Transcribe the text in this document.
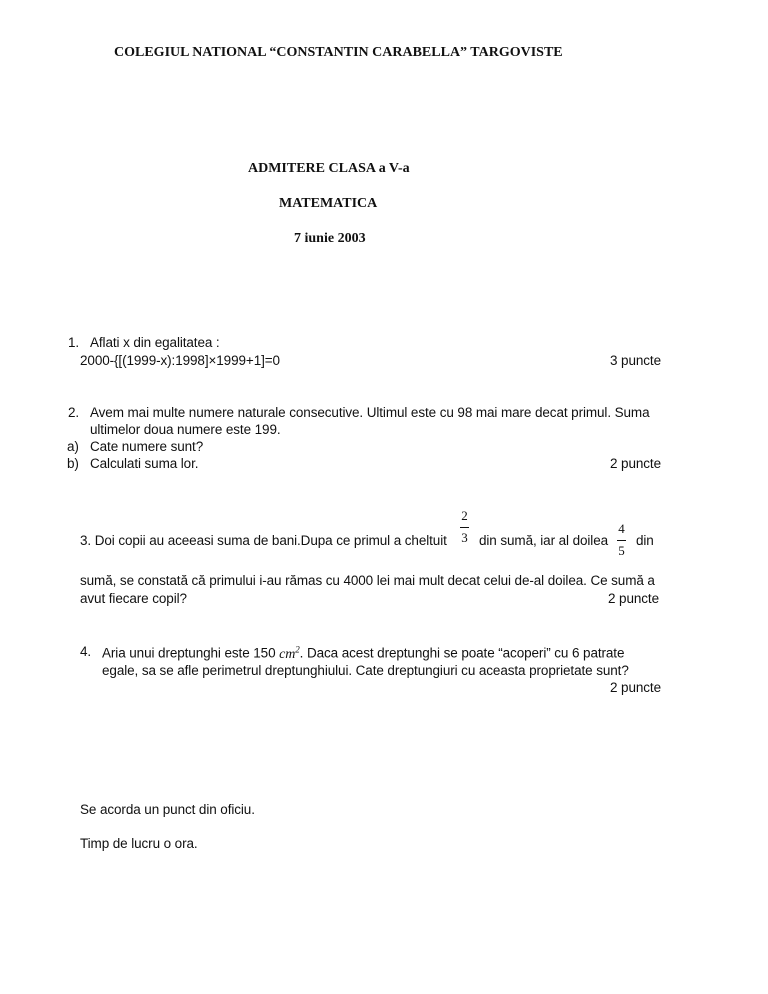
COLEGIUL NATIONAL “CONSTANTIN CARABELLA” TARGOVISTE
ADMITERE CLASA a V-a
MATEMATICA
7 iunie 2003
1. Aflati x din egalitatea :
2000-{[(1999-x):1998]×1999+1]=0	3 puncte
2. Avem mai multe numere naturale consecutive. Ultimul este cu 98 mai mare decat primul. Suma
ultimelor doua numere este 199.
a) Cate numere sunt?
b) Calculati suma lor.	2 puncte
3. Doi copii au aceeasi suma de bani.Dupa ce primul a cheltuit
2
3 din sumă, iar al doilea
4
5
din
sumă, se constată că primului i-au rămas cu 4000 lei mai mult decat celui de-al doilea. Ce sumă a
avut fiecare copil?	2 puncte
4. Aria unui dreptunghi este 150 $cm^2$. Daca acest dreptunghi se poate “acoperi” cu 6 patrate
egale, sa se afle perimetrul dreptunghiului. Cate dreptungiuri cu aceasta proprietate sunt?
2 puncte
Se acorda un punct din oficiu.
Timp de lucru o ora.
